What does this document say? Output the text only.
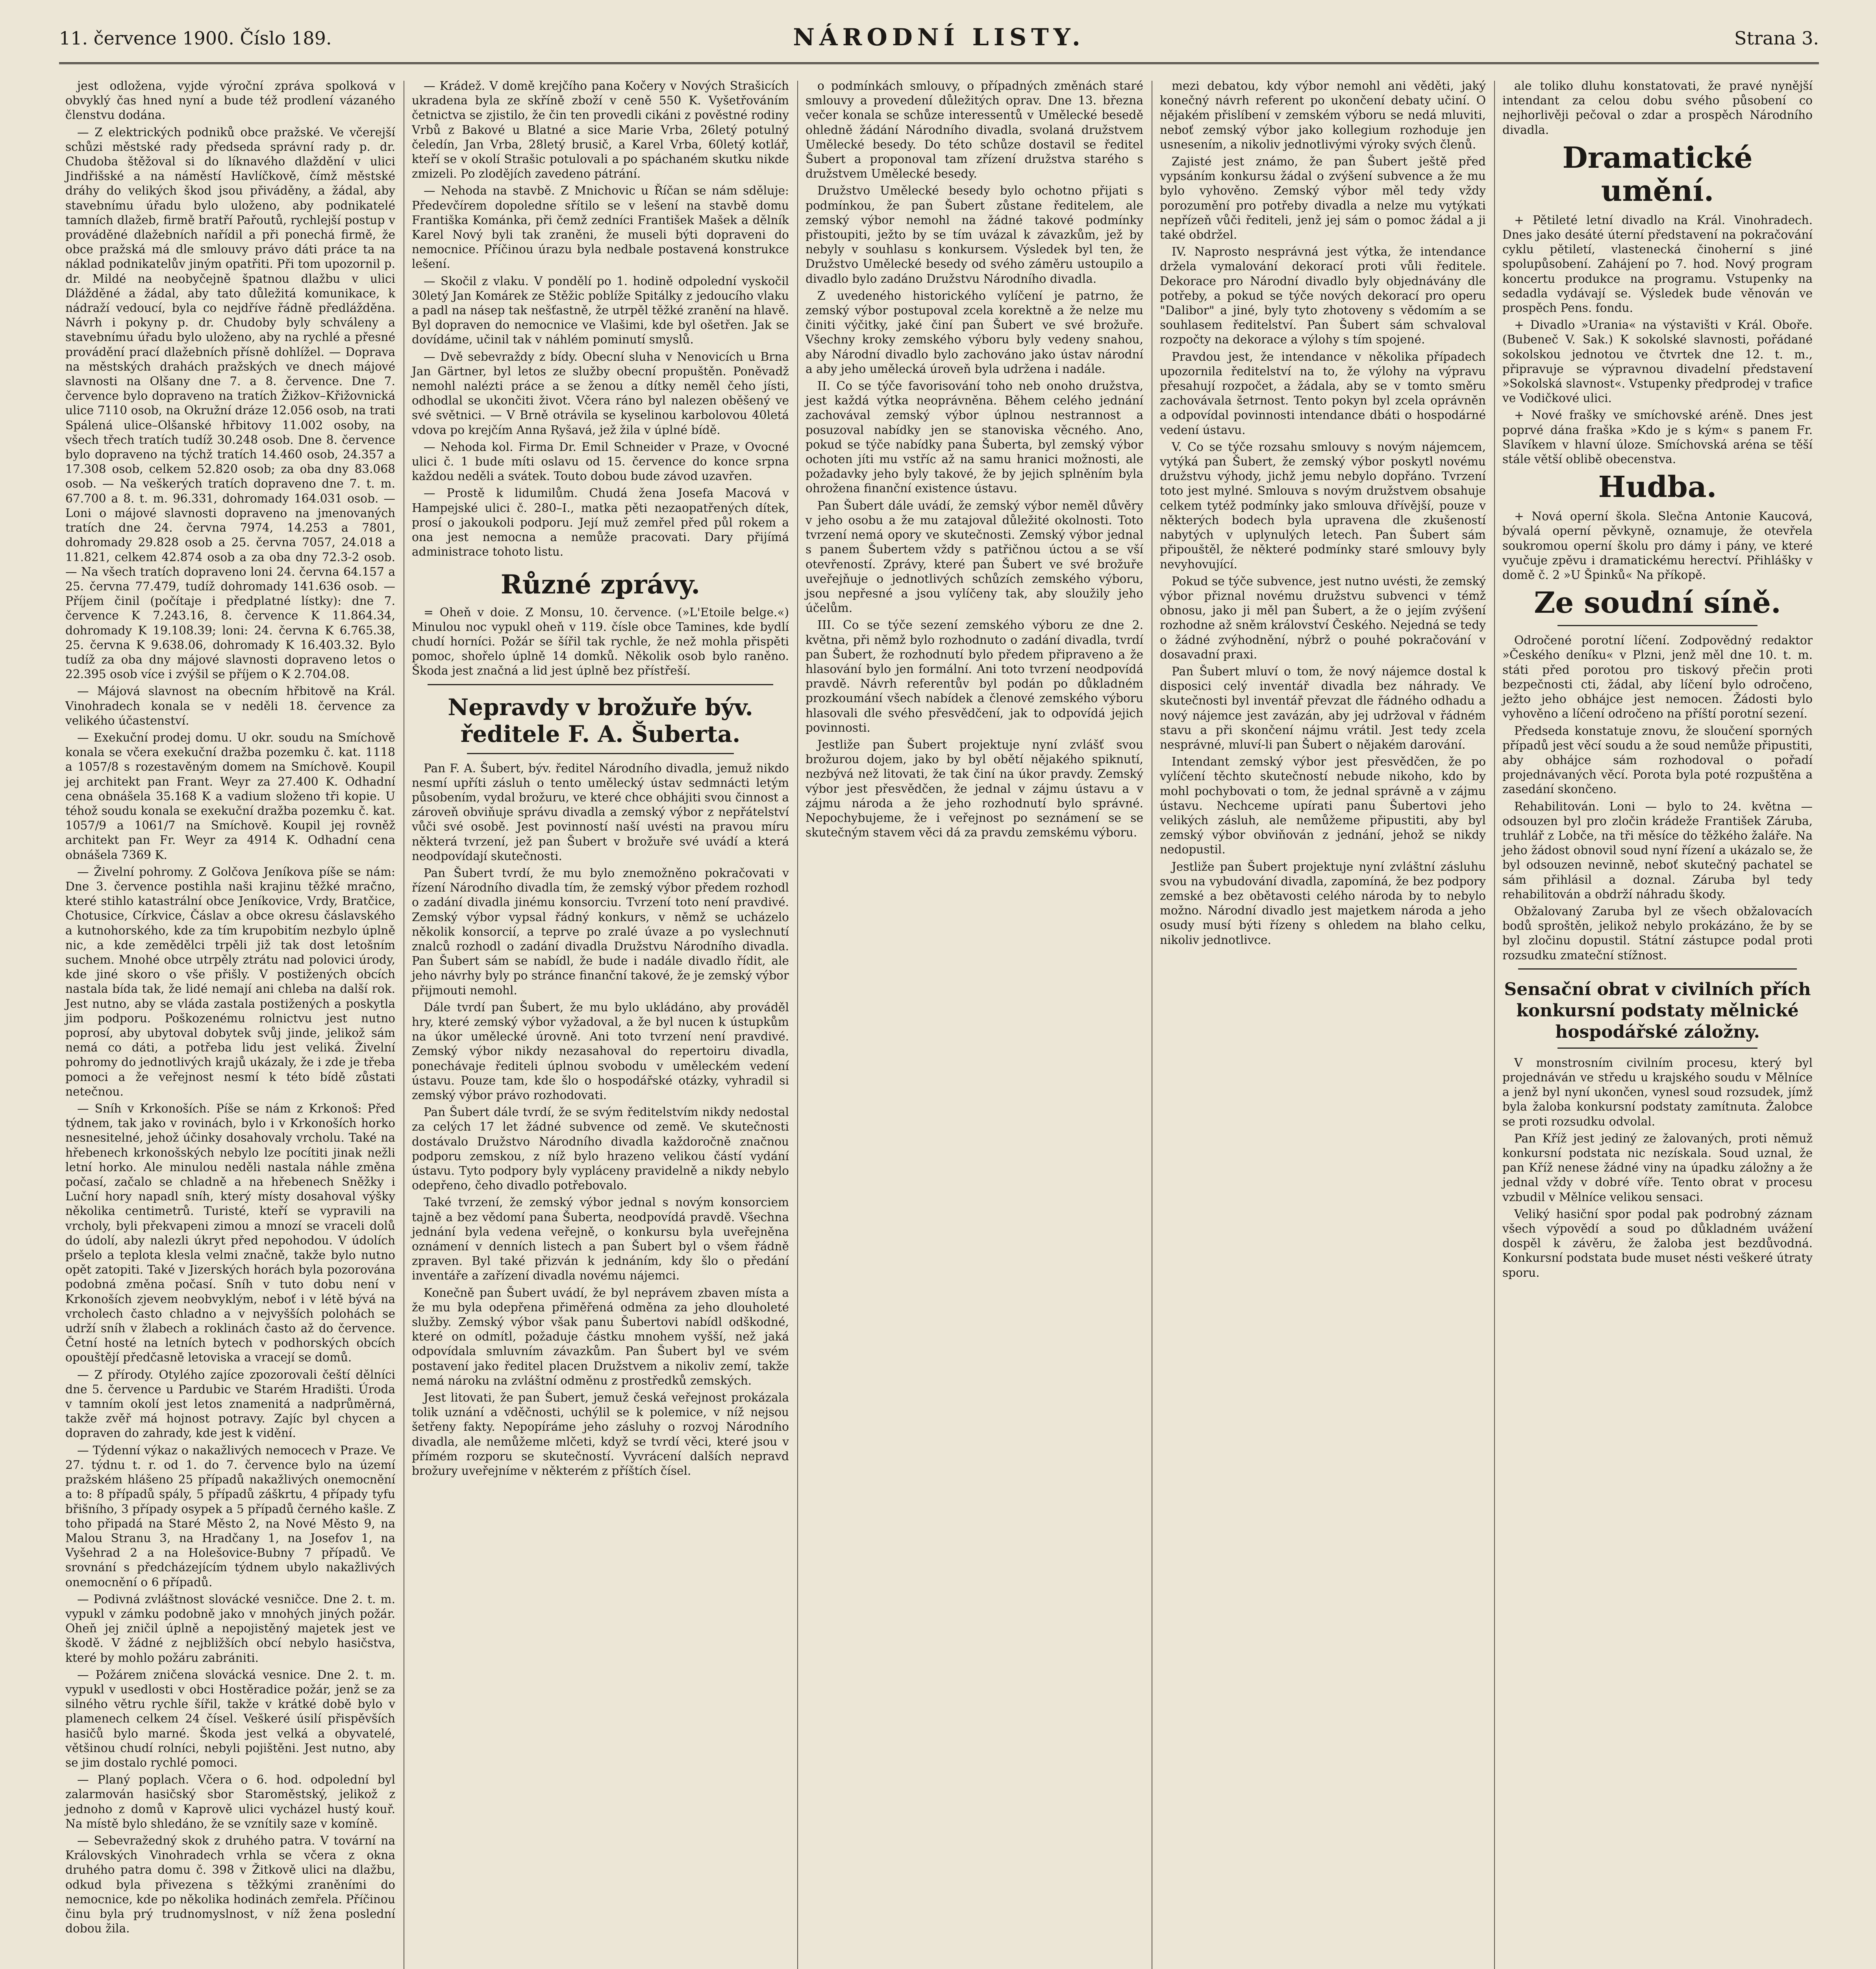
11. července 1900. Číslo 189.	NÁRODNÍ LISTY.	Strana 3.

jest odložena, vyjde výroční zpráva spolková v obvyklý čas hned nyní a bude též prodlení vázaného členstvu dodána.

— Z elektrických podniků obce pražské. Ve včerejší schůzi městské rady předseda správní rady p. dr. Chudoba štěžoval si do líknavého dlaždění v ulici Jindřišské a na náměstí Havlíčkově, čímž městské dráhy do velikých škod jsou přiváděny, a žádal, aby stavebnímu úřadu bylo uloženo, aby podnikatelé tamních dlažeb, firmě bratří Pařoutů, rychlejší postup v prováděné dlažebních nařídil a při ponechá firmě, že obce pražská má dle smlouvy právo dáti práce ta na náklad podnikatelův jiným opatřiti. Při tom upozornil p. dr. Mildé na neobyčejně špatnou dlažbu v ulici Dlážděné a žádal, aby tato důležitá komunikace, k nádraží vedoucí, byla co nejdříve řádně předlážděna. Návrh i pokyny p. dr. Chudoby byly schváleny a stavebnímu úřadu bylo uloženo, aby na rychlé a přesné provádění prací dlažebních přísně dohlížel. — Doprava na městských drahách pražských ve dnech májové slavnosti na Olšany dne 7. a 8. července. Dne 7. července bylo dopraveno na tratích Žižkov–Křižovnická ulice 7110 osob, na Okružní dráze 12.056 osob, na trati Spálená ulice–Olšanské hřbitovy 11.002 osoby, na všech třech tratích tudíž 30.248 osob. Dne 8. července bylo dopraveno na týchž tratích 14.460 osob, 24.357 a 17.308 osob, celkem 52.820 osob; za oba dny 83.068 osob. — Na veškerých tratích dopraveno dne 7. t. m. 67.700 a 8. t. m. 96.331, dohromady 164.031 osob. — Loni o májové slavnosti dopraveno na jmenovaných tratích dne 24. června 7974, 14.253 a 7801, dohromady 29.828 osob a 25. června 7057, 24.018 a 11.821, celkem 42.874 osob a za oba dny 72.3-2 osob. — Na všech tratích dopraveno loni 24. června 64.157 a 25. června 77.479, tudíž dohromady 141.636 osob. — Příjem činil (počítaje i předplatné lístky): dne 7. července K 7.243.16, 8. července K 11.864.34, dohromady K 19.108.39; loni: 24. června K 6.765.38, 25. června K 9.638.06, dohromady K 16.403.32. Bylo tudíž za oba dny májové slavnosti dopraveno letos o 22.395 osob více i zvýšil se příjem o K 2.704.08.

— Májová slavnost na obecním hřbitově na Král. Vinohradech konala se v neděli 18. července za velikého účastenství.

— Exekuční prodej domu. U okr. soudu na Smíchově konala se včera exekuční dražba pozemku č. kat. 1118 a 1057/8 s rozestavěným domem na Smíchově. Koupil jej architekt pan Frant. Weyr za 27.400 K. Odhadní cena obnášela 35.168 K a vadium složeno tři kopie. U téhož soudu konala se exekuční dražba pozemku č. kat. 1057/9 a 1061/7 na Smíchově. Koupil jej rovněž architekt pan Fr. Weyr za 4914 K. Odhadní cena obnášela 7369 K.

— Živelní pohromy. Z Golčova Jeníkova píše se nám: Dne 3. července postihla naši krajinu těžké mračno, které stihlo katastrální obce Jeníkovice, Vrdy, Bratčice, Chotusice, Církvice, Čáslav a obce okresu čáslavského a kutnohorského, kde za tím krupobitím nezbylo úplně nic, a kde zemědělci trpěli již tak dost letošním suchem. Mnohé obce utrpěly ztrátu nad polovici úrody, kde jiné skoro o vše přišly. V postižených obcích nastala bída tak, že lidé nemají ani chleba na další rok. Jest nutno, aby se vláda zastala postižených a poskytla jim podporu. Poškozenému rolnictvu jest nutno poprosí, aby ubytoval dobytek svůj jinde, jelikož sám nemá co dáti, a potřeba lidu jest veliká. Živelní pohromy do jednotlivých krajů ukázaly, že i zde je třeba pomoci a že veřejnost nesmí k této bídě zůstati netečnou.

— Sníh v Krkonoších. Píše se nám z Krkonoš: Před týdnem, tak jako v rovinách, bylo i v Krkonoších horko nesnesitelné, jehož účinky dosahovaly vrcholu. Také na hřebenech krkonošských nebylo lze pocítiti jinak nežli letní horko. Ale minulou neděli nastala náhle změna počasí, začalo se chladně a na hřebenech Sněžky i Luční hory napadl sníh, který místy dosahoval výšky několika centimetrů. Turisté, kteří se vypravili na vrcholy, byli překvapeni zimou a mnozí se vraceli dolů do údolí, aby nalezli úkryt před nepohodou. V údolích pršelo a teplota klesla velmi značně, takže bylo nutno opět zatopiti. Také v Jizerských horách byla pozorována podobná změna počasí. Sníh v tuto dobu není v Krkonoších zjevem neobvyklým, neboť i v létě bývá na vrcholech často chladno a v nejvyšších polohách se udrží sníh v žlabech a roklinách často až do července. Četní hosté na letních bytech v podhorských obcích opouštějí předčasně letoviska a vracejí se domů.

— Z přírody. Otylého zajíce zpozorovali čeští dělníci dne 5. července u Pardubic ve Starém Hradišti. Úroda v tamním okolí jest letos znamenitá a nadprůměrná, takže zvěř má hojnost potravy. Zajíc byl chycen a dopraven do zahrady, kde jest k vidění.

— Týdenní výkaz o nakažlivých nemocech v Praze. Ve 27. týdnu t. r. od 1. do 7. července bylo na území pražském hlášeno 25 případů nakažlivých onemocnění a to: 8 případů spály, 5 případů záškrtu, 4 případy tyfu břišního, 3 případy osypek a 5 případů černého kašle. Z toho připadá na Staré Město 2, na Nové Město 9, na Malou Stranu 3, na Hradčany 1, na Josefov 1, na Vyšehrad 2 a na Holešovice-Bubny 7 případů. Ve srovnání s předcházejícím týdnem ubylo nakažlivých onemocnění o 6 případů.

— Podivná zvláštnost slovácké vesničce. Dne 2. t. m. vypukl v zámku podobně jako v mnohých jiných požár. Oheň jej zničil úplně a nepojistěný majetek jest ve škodě. V žádné z nejbližších obcí nebylo hasičstva, které by mohlo požáru zabrániti.

— Požárem zničena slovácká vesnice. Dne 2. t. m. vypukl v usedlosti v obci Hostěradice požár, jenž se za silného větru rychle šířil, takže v krátké době bylo v plamenech celkem 24 čísel. Veškeré úsilí přispěvších hasičů bylo marné. Škoda jest velká a obyvatelé, většinou chudí rolníci, nebyli pojištěni. Jest nutno, aby se jim dostalo rychlé pomoci.

— Planý poplach. Včera o 6. hod. odpolední byl zalarmován hasičský sbor Staroměstský, jelikož z jednoho z domů v Kaprově ulici vycházel hustý kouř. Na místě bylo shledáno, že se vznítily saze v komíně.

— Sebevražedný skok z druhého patra. V tovární na Královských Vinohradech vrhla se včera z okna druhého patra domu č. 398 v Žitkově ulici na dlažbu, odkud byla přivezena s těžkými zraněními do nemocnice, kde po několika hodinách zemřela. Příčinou činu byla prý trudnomyslnost, v níž žena poslední dobou žila.

— Krádež. V domě krejčího pana Kočery v Nových Strašicích ukradena byla ze skříně zboží v ceně 550 K. Vyšetřováním četnictva se zjistilo, že čin ten provedli cikáni z pověstné rodiny Vrbů z Bakové u Blatné a sice Marie Vrba, 26letý potulný čeledín, Jan Vrba, 28letý brusič, a Karel Vrba, 60letý kotlář, kteří se v okolí Strašic potulovali a po spáchaném skutku nikde zmizeli. Po zlodějích zavedeno pátrání.

— Nehoda na stavbě. Z Mnichovic u Říčan se nám sděluje: Předevčírem dopoledne sřítilo se v lešení na stavbě domu Františka Kománka, při čemž zedníci František Mašek a dělník Karel Nový byli tak zraněni, že museli býti dopraveni do nemocnice. Příčinou úrazu byla nedbale postavená konstrukce lešení.

— Skočil z vlaku. V pondělí po 1. hodině odpolední vyskočil 30letý Jan Komárek ze Stěžic poblíže Spitálky z jedoucího vlaku a padl na násep tak nešťastně, že utrpěl těžké zranění na hlavě. Byl dopraven do nemocnice ve Vlašimi, kde byl ošetřen. Jak se dovídáme, učinil tak v náhlém pominutí smyslů.

— Dvě sebevraždy z bídy. Obecní sluha v Nenovicích u Brna Jan Gärtner, byl letos ze služby obecní propuštěn. Poněvadž nemohl nalézti práce a se ženou a dítky neměl čeho jísti, odhodlal se ukončiti život. Včera ráno byl nalezen oběšený ve své světnici. — V Brně otrávila se kyselinou karbolovou 40letá vdova po krejčím Anna Ryšavá, jež žila v úplné bídě.

— Nehoda kol. Firma Dr. Emil Schneider v Praze, v Ovocné ulici č. 1 bude míti oslavu od 15. července do konce srpna každou neděli a svátek. Touto dobou bude závod uzavřen.

— Prostě k lidumilům. Chudá žena Josefa Macová v Hampejské ulici č. 280–I., matka pěti nezaopatřených dítek, prosí o jakoukoli podporu. Její muž zemřel před půl rokem a ona jest nemocna a nemůže pracovati. Dary přijímá administrace tohoto listu.

Různé zprávy.

= Oheň v doie. Z Monsu, 10. července. (»L'Etoile belge.«) Minulou noc vypukl oheň v 119. čísle obce Tamines, kde bydlí chudí horníci. Požár se šířil tak rychle, že než mohla přispěti pomoc, shořelo úplně 14 domků. Několik osob bylo raněno. Škoda jest značná a lid jest úplně bez přístřeší.

Nepravdy v brožuře býv. ředitele F. A. Šuberta.

Pan F. A. Šubert, býv. ředitel Národního divadla, jemuž nikdo nesmí upříti zásluh o tento umělecký ústav sedmnácti letým působením, vydal brožuru, ve které chce obhájiti svou činnost a zároveň obviňuje správu divadla a zemský výbor z nepřátelství vůči své osobě. Jest povinností naší uvésti na pravou míru některá tvrzení, jež pan Šubert v brožuře své uvádí a která neodpovídají skutečnosti.

Pan Šubert tvrdí, že mu bylo znemožněno pokračovati v řízení Národního divadla tím, že zemský výbor předem rozhodl o zadání divadla jinému konsorciu. Tvrzení toto není pravdivé. Zemský výbor vypsal řádný konkurs, v němž se ucházelo několik konsorcií, a teprve po zralé úvaze a po vyslechnutí znalců rozhodl o zadání divadla Družstvu Národního divadla. Pan Šubert sám se nabídl, že bude i nadále divadlo řídit, ale jeho návrhy byly po stránce finanční takové, že je zemský výbor přijmouti nemohl.

Dále tvrdí pan Šubert, že mu bylo ukládáno, aby prováděl hry, které zemský výbor vyžadoval, a že byl nucen k ústupkům na úkor umělecké úrovně. Ani toto tvrzení není pravdivé. Zemský výbor nikdy nezasahoval do repertoiru divadla, ponechávaje řediteli úplnou svobodu v uměleckém vedení ústavu. Pouze tam, kde šlo o hospodářské otázky, vyhradil si zemský výbor právo rozhodovati.

Pan Šubert dále tvrdí, že se svým ředitelstvím nikdy nedostal za celých 17 let žádné subvence od země. Ve skutečnosti dostávalo Družstvo Národního divadla každoročně značnou podporu zemskou, z níž bylo hrazeno velikou částí vydání ústavu. Tyto podpory byly vypláceny pravidelně a nikdy nebylo odepřeno, čeho divadlo potřebovalo.

Také tvrzení, že zemský výbor jednal s novým konsorciem tajně a bez vědomí pana Šuberta, neodpovídá pravdě. Všechna jednání byla vedena veřejně, o konkursu byla uveřejněna oznámení v denních listech a pan Šubert byl o všem řádně zpraven. Byl také přizván k jednáním, kdy šlo o předání inventáře a zařízení divadla novému nájemci.

Konečně pan Šubert uvádí, že byl neprávem zbaven místa a že mu byla odepřena přiměřená odměna za jeho dlouholeté služby. Zemský výbor však panu Šubertovi nabídl odškodné, které on odmítl, požaduje částku mnohem vyšší, než jaká odpovídala smluvním závazkům. Pan Šubert byl ve svém postavení jako ředitel placen Družstvem a nikoliv zemí, takže nemá nároku na zvláštní odměnu z prostředků zemských.

Jest litovati, že pan Šubert, jemuž česká veřejnost prokázala tolik uznání a vděčnosti, uchýlil se k polemice, v níž nejsou šetřeny fakty. Nepopíráme jeho zásluhy o rozvoj Národního divadla, ale nemůžeme mlčeti, když se tvrdí věci, které jsou v přímém rozporu se skutečností. Vyvrácení dalších nepravd brožury uveřejníme v některém z příštích čísel.

o podmínkách smlouvy, o případných změnách staré smlouvy a provedení důležitých oprav. Dne 13. března večer konala se schůze interessentů v Umělecké besedě ohledně žádání Národního divadla, svolaná družstvem Umělecké besedy. Do této schůze dostavil se ředitel Šubert a proponoval tam zřízení družstva starého s družstvem Umělecké besedy.

Družstvo Umělecké besedy bylo ochotno přijati s podmínkou, že pan Šubert zůstane ředitelem, ale zemský výbor nemohl na žádné takové podmínky přistoupiti, ježto by se tím uvázal k závazkům, jež by nebyly v souhlasu s konkursem. Výsledek byl ten, že Družstvo Umělecké besedy od svého záměru ustoupilo a divadlo bylo zadáno Družstvu Národního divadla.

Z uvedeného historického vylíčení je patrno, že zemský výbor postupoval zcela korektně a že nelze mu činiti výčitky, jaké činí pan Šubert ve své brožuře. Všechny kroky zemského výboru byly vedeny snahou, aby Národní divadlo bylo zachováno jako ústav národní a aby jeho umělecká úroveň byla udržena i nadále.

II. Co se týče favorisování toho neb onoho družstva, jest každá výtka neoprávněna. Během celého jednání zachovával zemský výbor úplnou nestrannost a posuzoval nabídky jen se stanoviska věcného. Ano, pokud se týče nabídky pana Šuberta, byl zemský výbor ochoten jíti mu vstříc až na samu hranici možnosti, ale požadavky jeho byly takové, že by jejich splněním byla ohrožena finanční existence ústavu.

Pan Šubert dále uvádí, že zemský výbor neměl důvěry v jeho osobu a že mu zatajoval důležité okolnosti. Toto tvrzení nemá opory ve skutečnosti. Zemský výbor jednal s panem Šubertem vždy s patřičnou úctou a se vší otevřeností. Zprávy, které pan Šubert ve své brožuře uveřejňuje o jednotlivých schůzích zemského výboru, jsou nepřesné a jsou vylíčeny tak, aby sloužily jeho účelům.

III. Co se týče sezení zemského výboru ze dne 2. května, při němž bylo rozhodnuto o zadání divadla, tvrdí pan Šubert, že rozhodnutí bylo předem připraveno a že hlasování bylo jen formální. Ani toto tvrzení neodpovídá pravdě. Návrh referentův byl podán po důkladném prozkoumání všech nabídek a členové zemského výboru hlasovali dle svého přesvědčení, jak to odpovídá jejich povinnosti.

Jestliže pan Šubert projektuje nyní zvlášť svou brožurou dojem, jako by byl obětí nějakého spiknutí, nezbývá než litovati, že tak činí na úkor pravdy. Zemský výbor jest přesvědčen, že jednal v zájmu ústavu a v zájmu národa a že jeho rozhodnutí bylo správné. Nepochybujeme, že i veřejnost po seznámení se se skutečným stavem věci dá za pravdu zemskému výboru.

mezi debatou, kdy výbor nemohl ani věděti, jaký konečný návrh referent po ukončení debaty učiní. O nějakém přislíbení v zemském výboru se nedá mluviti, neboť zemský výbor jako kollegium rozhoduje jen usnesením, a nikoliv jednotlivými výroky svých členů.

Zajisté jest známo, že pan Šubert ještě před vypsáním konkursu žádal o zvýšení subvence a že mu bylo vyhověno. Zemský výbor měl tedy vždy porozumění pro potřeby divadla a nelze mu vytýkati nepřízeň vůči řediteli, jenž jej sám o pomoc žádal a ji také obdržel.

IV. Naprosto nesprávná jest výtka, že intendance držela vymalování dekorací proti vůli ředitele. Dekorace pro Národní divadlo byly objednávány dle potřeby, a pokud se týče nových dekorací pro operu "Dalibor" a jiné, byly tyto zhotoveny s vědomím a se souhlasem ředitelství. Pan Šubert sám schvaloval rozpočty na dekorace a výlohy s tím spojené.

Pravdou jest, že intendance v několika případech upozornila ředitelství na to, že výlohy na výpravu přesahují rozpočet, a žádala, aby se v tomto směru zachovávala šetrnost. Tento pokyn byl zcela oprávněn a odpovídal povinnosti intendance dbáti o hospodárné vedení ústavu.

V. Co se týče rozsahu smlouvy s novým nájemcem, vytýká pan Šubert, že zemský výbor poskytl novému družstvu výhody, jichž jemu nebylo dopřáno. Tvrzení toto jest mylné. Smlouva s novým družstvem obsahuje celkem tytéž podmínky jako smlouva dřívější, pouze v některých bodech byla upravena dle zkušeností nabytých v uplynulých letech. Pan Šubert sám připouštěl, že některé podmínky staré smlouvy byly nevyhovující.

Pokud se týče subvence, jest nutno uvésti, že zemský výbor přiznal novému družstvu subvenci v témž obnosu, jako ji měl pan Šubert, a že o jejím zvýšení rozhodne až sněm království Českého. Nejedná se tedy o žádné zvýhodnění, nýbrž o pouhé pokračování v dosavadní praxi.

Pan Šubert mluví o tom, že nový nájemce dostal k disposici celý inventář divadla bez náhrady. Ve skutečnosti byl inventář převzat dle řádného odhadu a nový nájemce jest zavázán, aby jej udržoval v řádném stavu a při skončení nájmu vrátil. Jest tedy zcela nesprávné, mluví-li pan Šubert o nějakém darování.

Intendant zemský výbor jest přesvědčen, že po vylíčení těchto skutečností nebude nikoho, kdo by mohl pochybovati o tom, že jednal správně a v zájmu ústavu. Nechceme upírati panu Šubertovi jeho velikých zásluh, ale nemůžeme připustiti, aby byl zemský výbor obviňován z jednání, jehož se nikdy nedopustil.

Jestliže pan Šubert projektuje nyní zvláštní zásluhu svou na vybudování divadla, zapomíná, že bez podpory zemské a bez obětavosti celého národa by to nebylo možno. Národní divadlo jest majetkem národa a jeho osudy musí býti řízeny s ohledem na blaho celku, nikoliv jednotlivce.

ale toliko dluhu konstatovati, že pravé nynější intendant za celou dobu svého působení co nejhorlivěji pečoval o zdar a prospěch Národního divadla.

Dramatické umění.

+ Pětileté letní divadlo na Král. Vinohradech. Dnes jako desáté úterní představení na pokračování cyklu pětiletí, vlastenecká činoherní s jiné spolupůsobení. Zahájení po 7. hod. Nový program koncertu produkce na programu. Vstupenky na sedadla vydávají se. Výsledek bude věnován ve prospěch Pens. fondu.

+ Divadlo »Urania« na výstavišti v Král. Oboře. (Bubeneč V. Sak.) K sokolské slavnosti, pořádané sokolskou jednotou ve čtvrtek dne 12. t. m., připravuje se výpravnou divadelní představení »Sokolská slavnost«. Vstupenky předprodej v trafice ve Vodičkové ulici.

+ Nové frašky ve smíchovské aréně. Dnes jest poprvé dána fraška »Kdo je s kým« s panem Fr. Slavíkem v hlavní úloze. Smíchovská aréna se těší stále větší oblibě obecenstva.

Hudba.

+ Nová operní škola. Slečna Antonie Kaucová, bývalá operní pěvkyně, oznamuje, že otevřela soukromou operní školu pro dámy i pány, ve které vyučuje zpěvu i dramatickému herectví. Přihlášky v domě č. 2 »U Špinků« Na příkopě.

Ze soudní síně.

Odročené porotní líčení. Zodpovědný redaktor »Českého deníku« v Plzni, jenž měl dne 10. t. m. státi před porotou pro tiskový přečin proti bezpečnosti cti, žádal, aby líčení bylo odročeno, ježto jeho obhájce jest nemocen. Žádosti bylo vyhověno a líčení odročeno na příští porotní sezení.

Předseda konstatuje znovu, že sloučení sporných případů jest věcí soudu a že soud nemůže připustiti, aby obhájce sám rozhodoval o pořadí projednávaných věcí. Porota byla poté rozpuštěna a zasedání skončeno.

Rehabilitován. Loni — bylo to 24. května — odsouzen byl pro zločin krádeže František Záruba, truhlář z Lobče, na tři měsíce do těžkého žaláře. Na jeho žádost obnovil soud nyní řízení a ukázalo se, že byl odsouzen nevinně, neboť skutečný pachatel se sám přihlásil a doznal. Záruba byl tedy rehabilitován a obdrží náhradu škody.

Obžalovaný Zaruba byl ze všech obžalovacích bodů sproštěn, jelikož nebylo prokázáno, že by se byl zločinu dopustil. Státní zástupce podal proti rozsudku zmateční stížnost.

Sensační obrat v civilních přích konkursní podstaty mělnické hospodářské záložny.

V monstrosním civilním procesu, který byl projednáván ve středu u krajského soudu v Mělníce a jenž byl nyní ukončen, vynesl soud rozsudek, jímž byla žaloba konkursní podstaty zamítnuta. Žalobce se proti rozsudku odvolal.

Pan Kříž jest jediný ze žalovaných, proti němuž konkursní podstata nic nezískala. Soud uznal, že pan Kříž nenese žádné viny na úpadku záložny a že jednal vždy v dobré víře. Tento obrat v procesu vzbudil v Mělníce velikou sensaci.

Veliký hasiční spor podal pak podrobný záznam všech výpovědí a soud po důkladném uvážení dospěl k závěru, že žaloba jest bezdůvodná. Konkursní podstata bude muset nésti veškeré útraty sporu.
